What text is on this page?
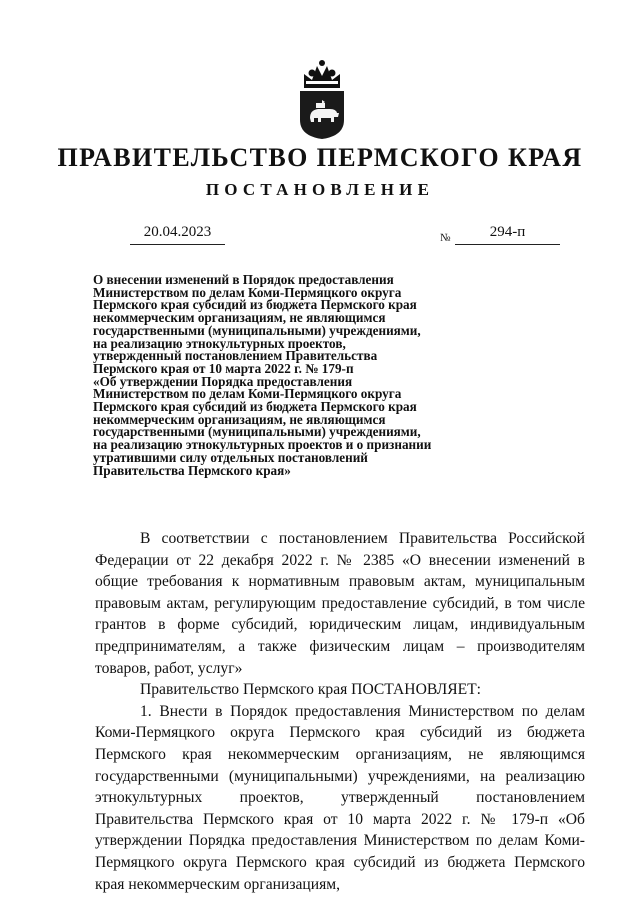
ПРАВИТЕЛЬСТВО ПЕРМСКОГО КРАЯ
ПОСТАНОВЛЕНИЕ
20.04.2023	№	294-п
О внесении изменений в Порядок предоставления
Министерством по делам Коми-Пермяцкого округа
Пермского края субсидий из бюджета Пермского края
некоммерческим организациям, не являющимся
государственными (муниципальными) учреждениями,
на реализацию этнокультурных проектов,
утвержденный постановлением Правительства
Пермского края от 10 марта 2022 г. № 179-п
«Об утверждении Порядка предоставления
Министерством по делам Коми-Пермяцкого округа
Пермского края субсидий из бюджета Пермского края
некоммерческим организациям, не являющимся
государственными (муниципальными) учреждениями,
на реализацию этнокультурных проектов и о признании
утратившими силу отдельных постановлений
Правительства Пермского края»

В соответствии с постановлением Правительства Российской Федерации от 22 декабря 2022 г. № 2385 «О внесении изменений в общие требования к нормативным правовым актам, муниципальным правовым актам, регулирующим предоставление субсидий, в том числе грантов в форме субсидий, юридическим лицам, индивидуальным предпринимателям, а также физическим лицам – производителям товаров, работ, услуг»

Правительство Пермского края ПОСТАНОВЛЯЕТ:

1. Внести в Порядок предоставления Министерством по делам Коми-Пермяцкого округа Пермского края субсидий из бюджета Пермского края некоммерческим организациям, не являющимся государственными (муниципальными) учреждениями, на реализацию этнокультурных проектов, утвержденный постановлением Правительства Пермского края от 10 марта 2022 г. № 179-п «Об утверждении Порядка предоставления Министерством по делам Коми-Пермяцкого округа Пермского края субсидий из бюджета Пермского края некоммерческим организациям,
